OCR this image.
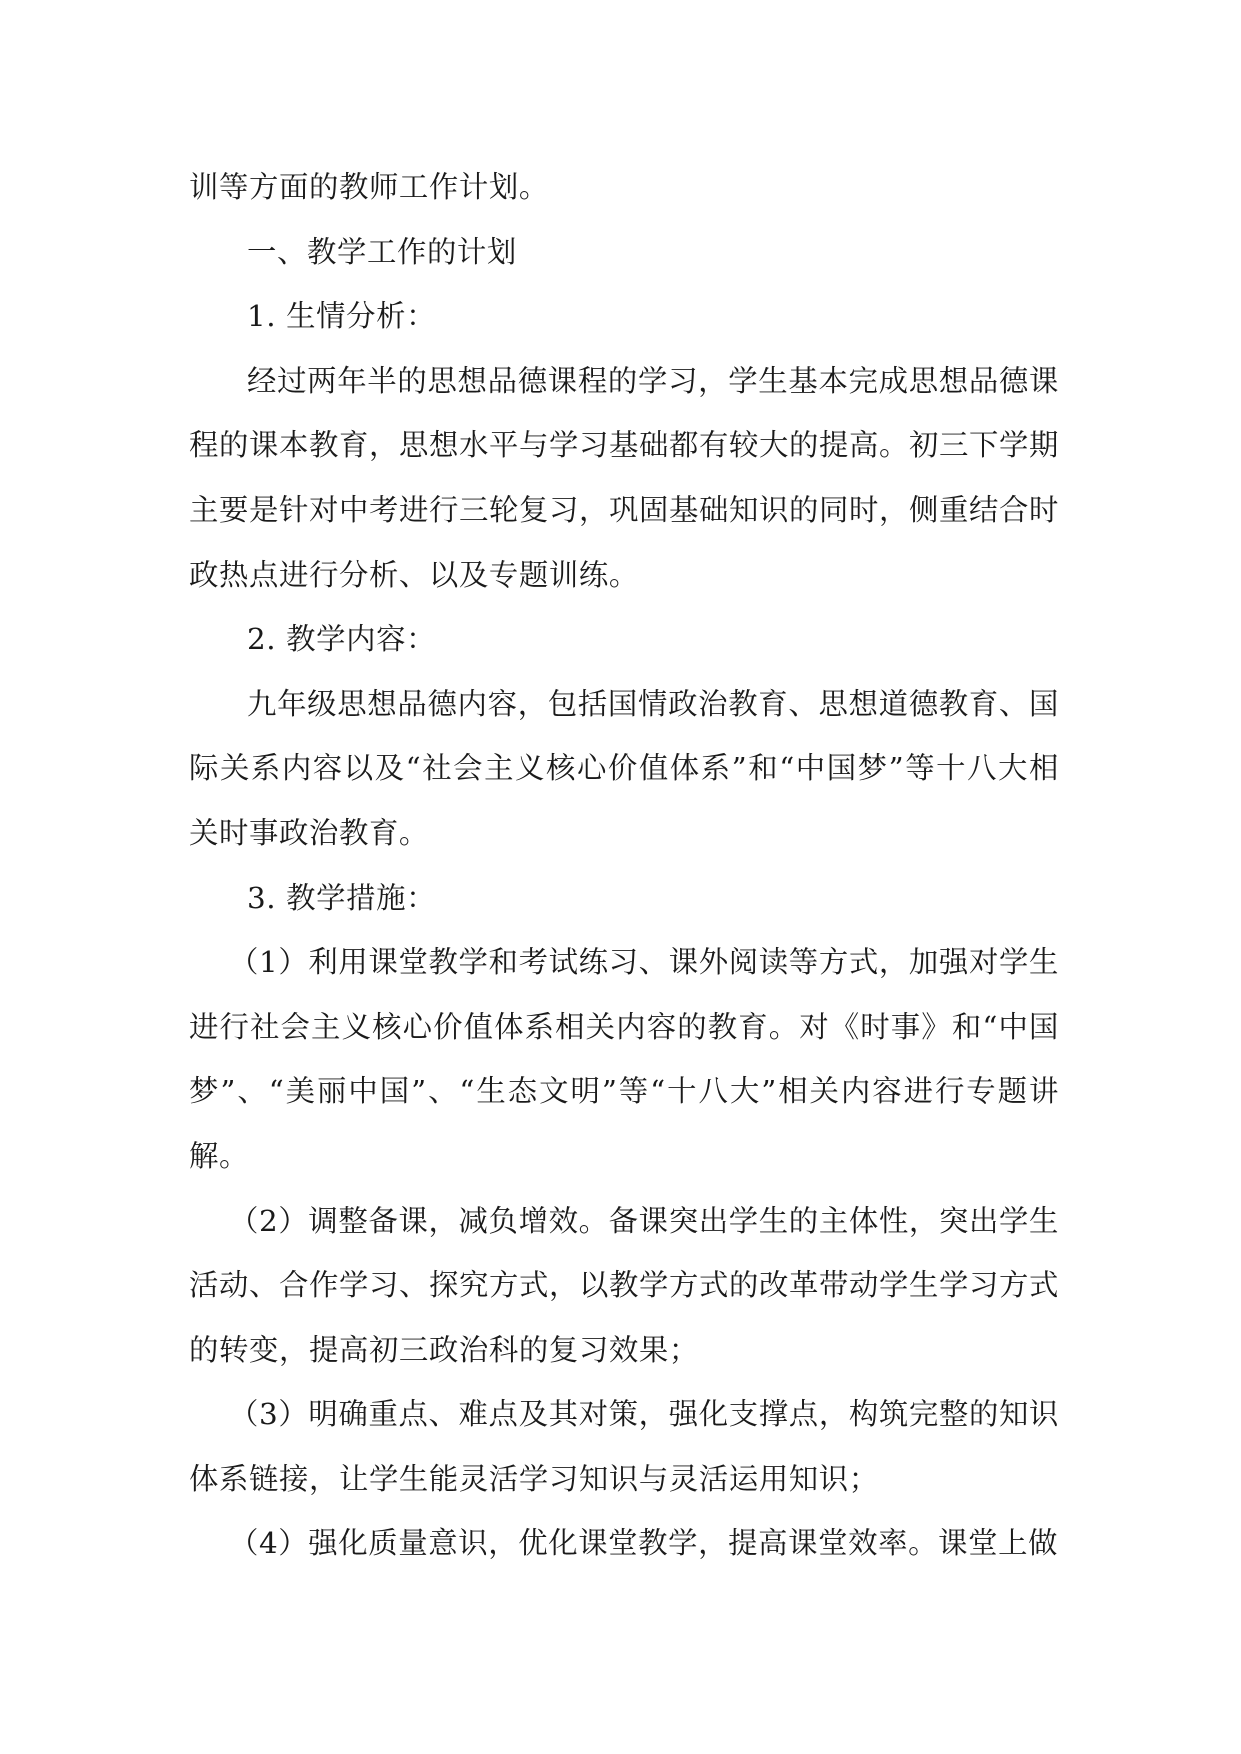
训等方面的教师工作计划。

一、教学工作的计划

1. 生情分析：

经过两年半的思想品德课程的学习，学生基本完成思想品德课程的课本教育，思想水平与学习基础都有较大的提高。初三下学期主要是针对中考进行三轮复习，巩固基础知识的同时，侧重结合时政热点进行分析、以及专题训练。

2. 教学内容：

九年级思想品德内容，包括国情政治教育、思想道德教育、国际关系内容以及“社会主义核心价值体系”和“中国梦”等十八大相关时事政治教育。

3. 教学措施：

（1）利用课堂教学和考试练习、课外阅读等方式，加强对学生进行社会主义核心价值体系相关内容的教育。对《时事》和“中国梦”、“美丽中国”、“生态文明”等“十八大”相关内容进行专题讲解。

（2）调整备课，减负增效。备课突出学生的主体性，突出学生活动、合作学习、探究方式，以教学方式的改革带动学生学习方式的转变，提高初三政治科的复习效果；

（3）明确重点、难点及其对策，强化支撑点，构筑完整的知识体系链接，让学生能灵活学习知识与灵活运用知识；

（4）强化质量意识，优化课堂教学，提高课堂效率。课堂上做
